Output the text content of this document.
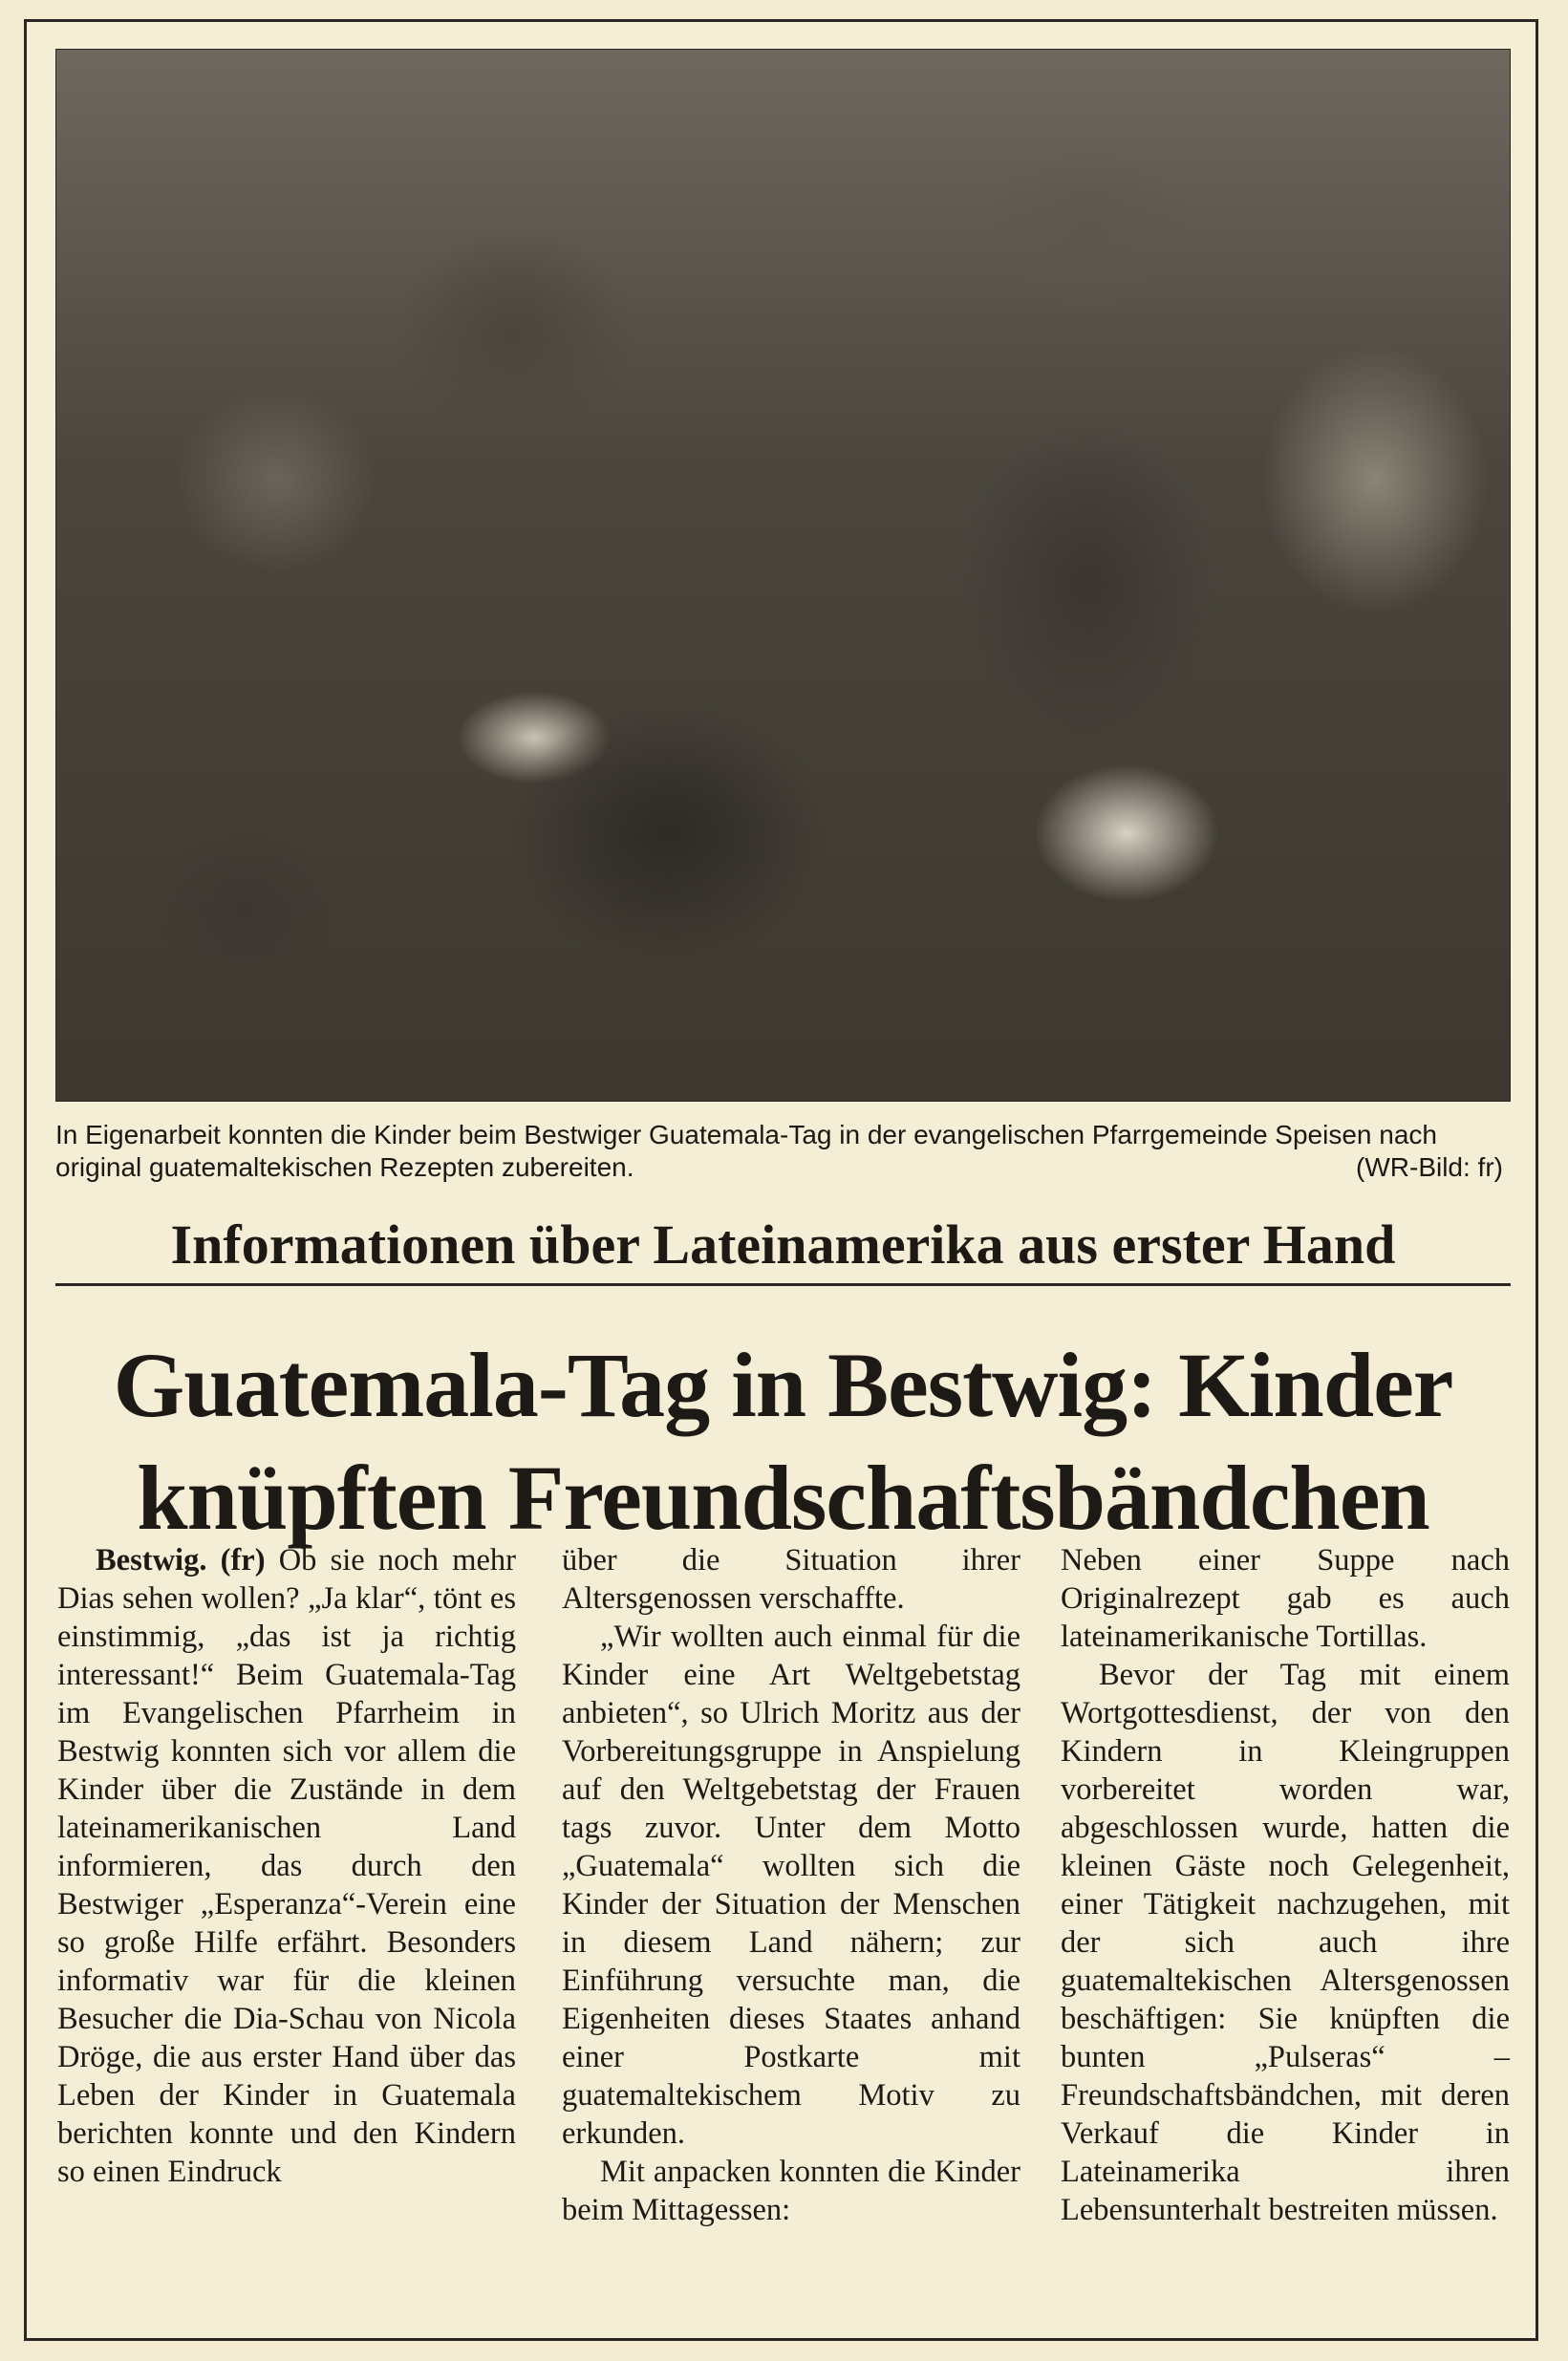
In Eigenarbeit konnten die Kinder beim Bestwiger Guatemala-Tag in der evangelischen Pfarrgemeinde Speisen nach original guatemaltekischen Rezepten zubereiten.	(WR-Bild: fr)
Informationen über Lateinamerika aus erster Hand
Guatemala-Tag in Bestwig: Kinder
knüpften Freundschaftsbändchen

Bestwig. (fr) Ob sie noch mehr Dias sehen wollen? „Ja klar“, tönt es einstimmig, „das ist ja richtig interessant!“ Beim Guatemala-Tag im Evangelischen Pfarrheim in Bestwig konnten sich vor allem die Kinder über die Zustände in dem lateinamerikanischen Land informieren, das durch den Bestwiger „Esperanza“-Verein eine so große Hilfe erfährt. Besonders informativ war für die kleinen Besucher die Dia-Schau von Nicola Dröge, die aus erster Hand über das Leben der Kinder in Guatemala berichten konnte und den Kindern so einen Eindruck

über die Situation ihrer Altersgenossen verschaffte.

„Wir wollten auch einmal für die Kinder eine Art Weltgebetstag anbieten“, so Ulrich Moritz aus der Vorbereitungsgruppe in Anspielung auf den Weltgebetstag der Frauen tags zuvor. Unter dem Motto „Guatemala“ wollten sich die Kinder der Situation der Menschen in diesem Land nähern; zur Einführung versuchte man, die Eigenheiten dieses Staates anhand einer Postkarte mit guatemaltekischem Motiv zu erkunden.

Mit anpacken konnten die Kinder beim Mittagessen:

Neben einer Suppe nach Originalrezept gab es auch lateinamerikanische Tortillas.

Bevor der Tag mit einem Wortgottesdienst, der von den Kindern in Kleingruppen vorbereitet worden war, abgeschlossen wurde, hatten die kleinen Gäste noch Gelegenheit, einer Tätigkeit nachzugehen, mit der sich auch ihre guatemaltekischen Altersgenossen beschäftigen: Sie knüpften die bunten „Pulseras“ – Freundschaftsbändchen, mit deren Verkauf die Kinder in Lateinamerika ihren Lebensunterhalt bestreiten müssen.
